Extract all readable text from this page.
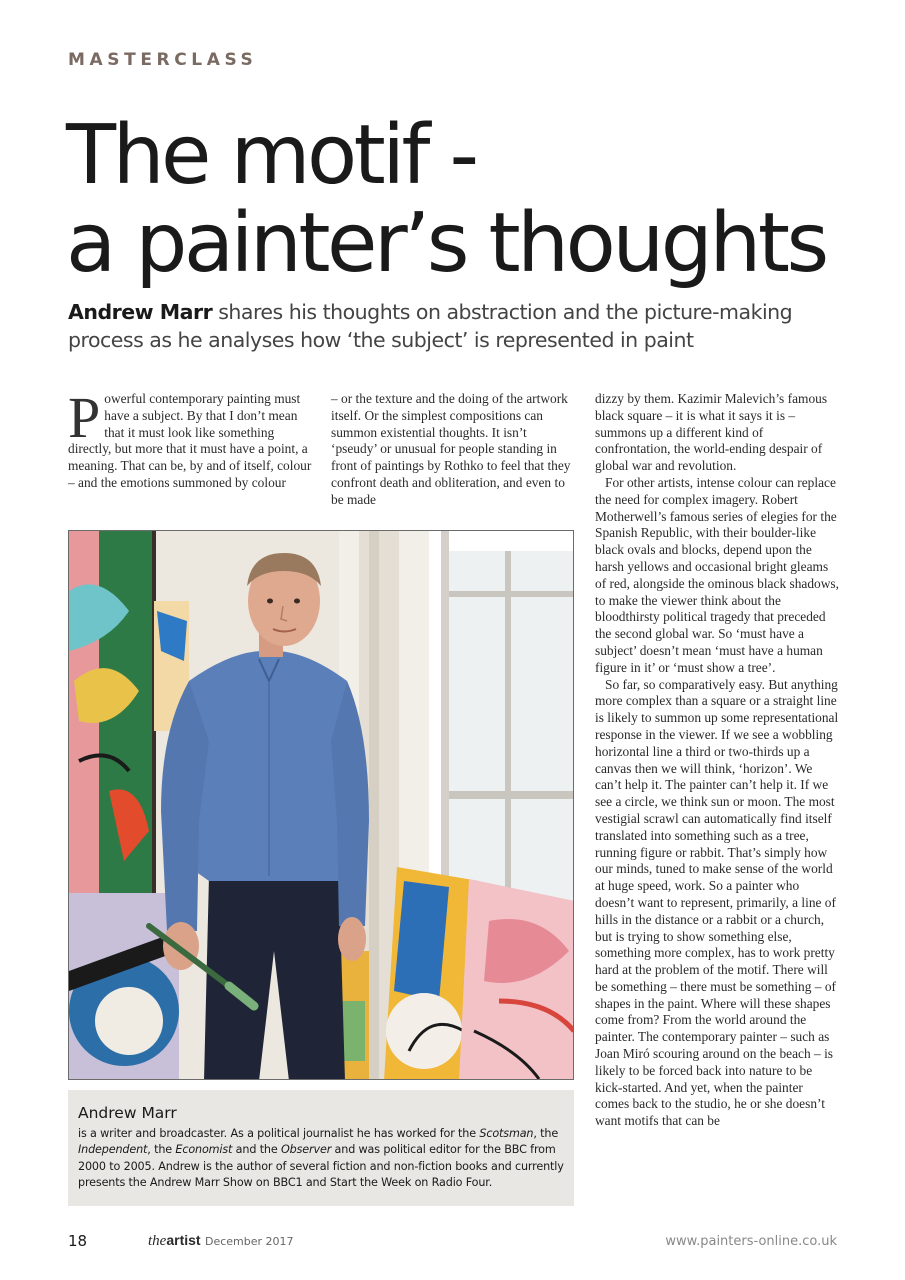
MASTERCLASS
The motif -
a painter’s thoughts
Andrew Marr shares his thoughts on abstraction and the picture-making process as he analyses how ‘the subject’ is represented in paint

Powerful contemporary painting must have a subject. By that I don’t mean that it must look like something directly, but more that it must have a point, a meaning. That can be, by and of itself, colour – and the emotions summoned by colour

– or the texture and the doing of the artwork itself. Or the simplest compositions can summon existential thoughts. It isn’t ‘pseudy’ or unusual for people standing in front of paintings by Rothko to feel that they confront death and obliteration, and even to be made

dizzy by them. Kazimir Malevich’s famous black square – it is what it says it is – summons up a different kind of confrontation, the world-ending despair of global war and revolution.

For other artists, intense colour can replace the need for complex imagery. Robert Motherwell’s famous series of elegies for the Spanish Republic, with their boulder-like black ovals and blocks, depend upon the harsh yellows and occasional bright gleams of red, alongside the ominous black shadows, to make the viewer think about the bloodthirsty political tragedy that preceded the second global war. So ‘must have a subject’ doesn’t mean ‘must have a human figure in it’ or ‘must show a tree’.

So far, so comparatively easy. But anything more complex than a square or a straight line is likely to summon up some representational response in the viewer. If we see a wobbling horizontal line a third or two-thirds up a canvas then we will think, ‘horizon’. We can’t help it. The painter can’t help it. If we see a circle, we think sun or moon. The most vestigial scrawl can automatically find itself translated into something such as a tree, running figure or rabbit. That’s simply how our minds, tuned to make sense of the world at huge speed, work. So a painter who doesn’t want to represent, primarily, a line of hills in the distance or a rabbit or a church, but is trying to show something else, something more complex, has to work pretty hard at the problem of the motif. There will be something – there must be something – of shapes in the paint. Where will these shapes come from? From the world around the painter. The contemporary painter – such as Joan Miró scouring around on the beach – is likely to be forced back into nature to be kick-started. And yet, when the painter comes back to the studio, he or she doesn’t want motifs that can be

Andrew Marr
is a writer and broadcaster. As a political journalist he has worked for the Scotsman, the Independent, the Economist and the Observer and was political editor for the BBC from 2000 to 2005. Andrew is the author of several fiction and non-fiction books and currently presents the Andrew Marr Show on BBC1 and Start the Week on Radio Four.
18	theartist December 2017	www.painters-online.co.uk
